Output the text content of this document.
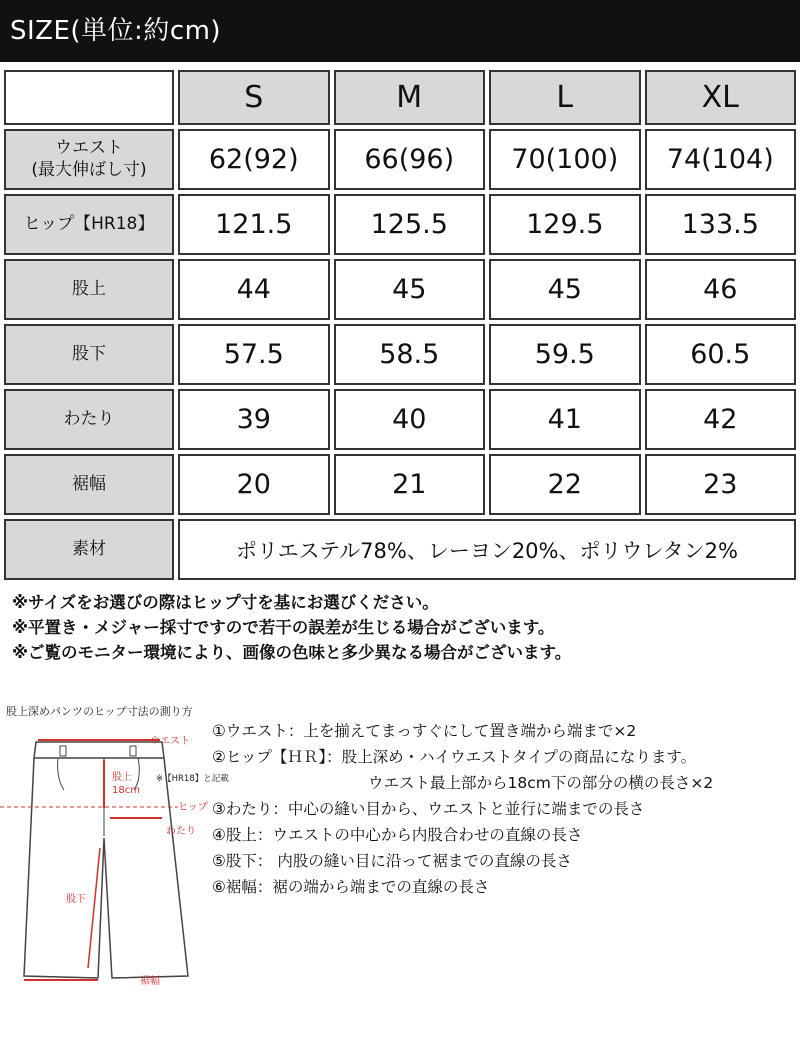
SIZE(単位:約cm)
	S	M	L	XL
ウエスト
(最大伸ばし寸)	62(92)	66(96)	70(100)	74(104)
ヒップ【HR18】	121.5	125.5	129.5	133.5
股上	44	45	45	46
股下	57.5	58.5	59.5	60.5
わたり	39	40	41	42
裾幅	20	21	22	23
素材	ポリエステル78%、レーヨン20%、ポリウレタン2%			
※サイズをお選びの際はヒップ寸を基にお選びください。
※平置き・メジャー採寸ですので若干の誤差が生じる場合がございます。
※ご覧のモニター環境により、画像の色味と多少異なる場合がございます。
股上深めパンツのヒップ寸法の測り方
ウエスト
股上
18cm
ヒップ
わたり
股下
裾幅
※【HR18】と記載
①ウエスト：上を揃えてまっすぐにして置き端から端まで×2
②ヒップ【ＨＲ】：股上深め・ハイウエストタイプの商品になります。
ウエスト最上部から18cm下の部分の横の長さ×2
③わたり：中心の縫い目から、ウエストと並行に端までの長さ
④股上：ウエストの中心から内股合わせの直線の長さ
⑤股下： 内股の縫い目に沿って裾までの直線の長さ
⑥裾幅：裾の端から端までの直線の長さ
